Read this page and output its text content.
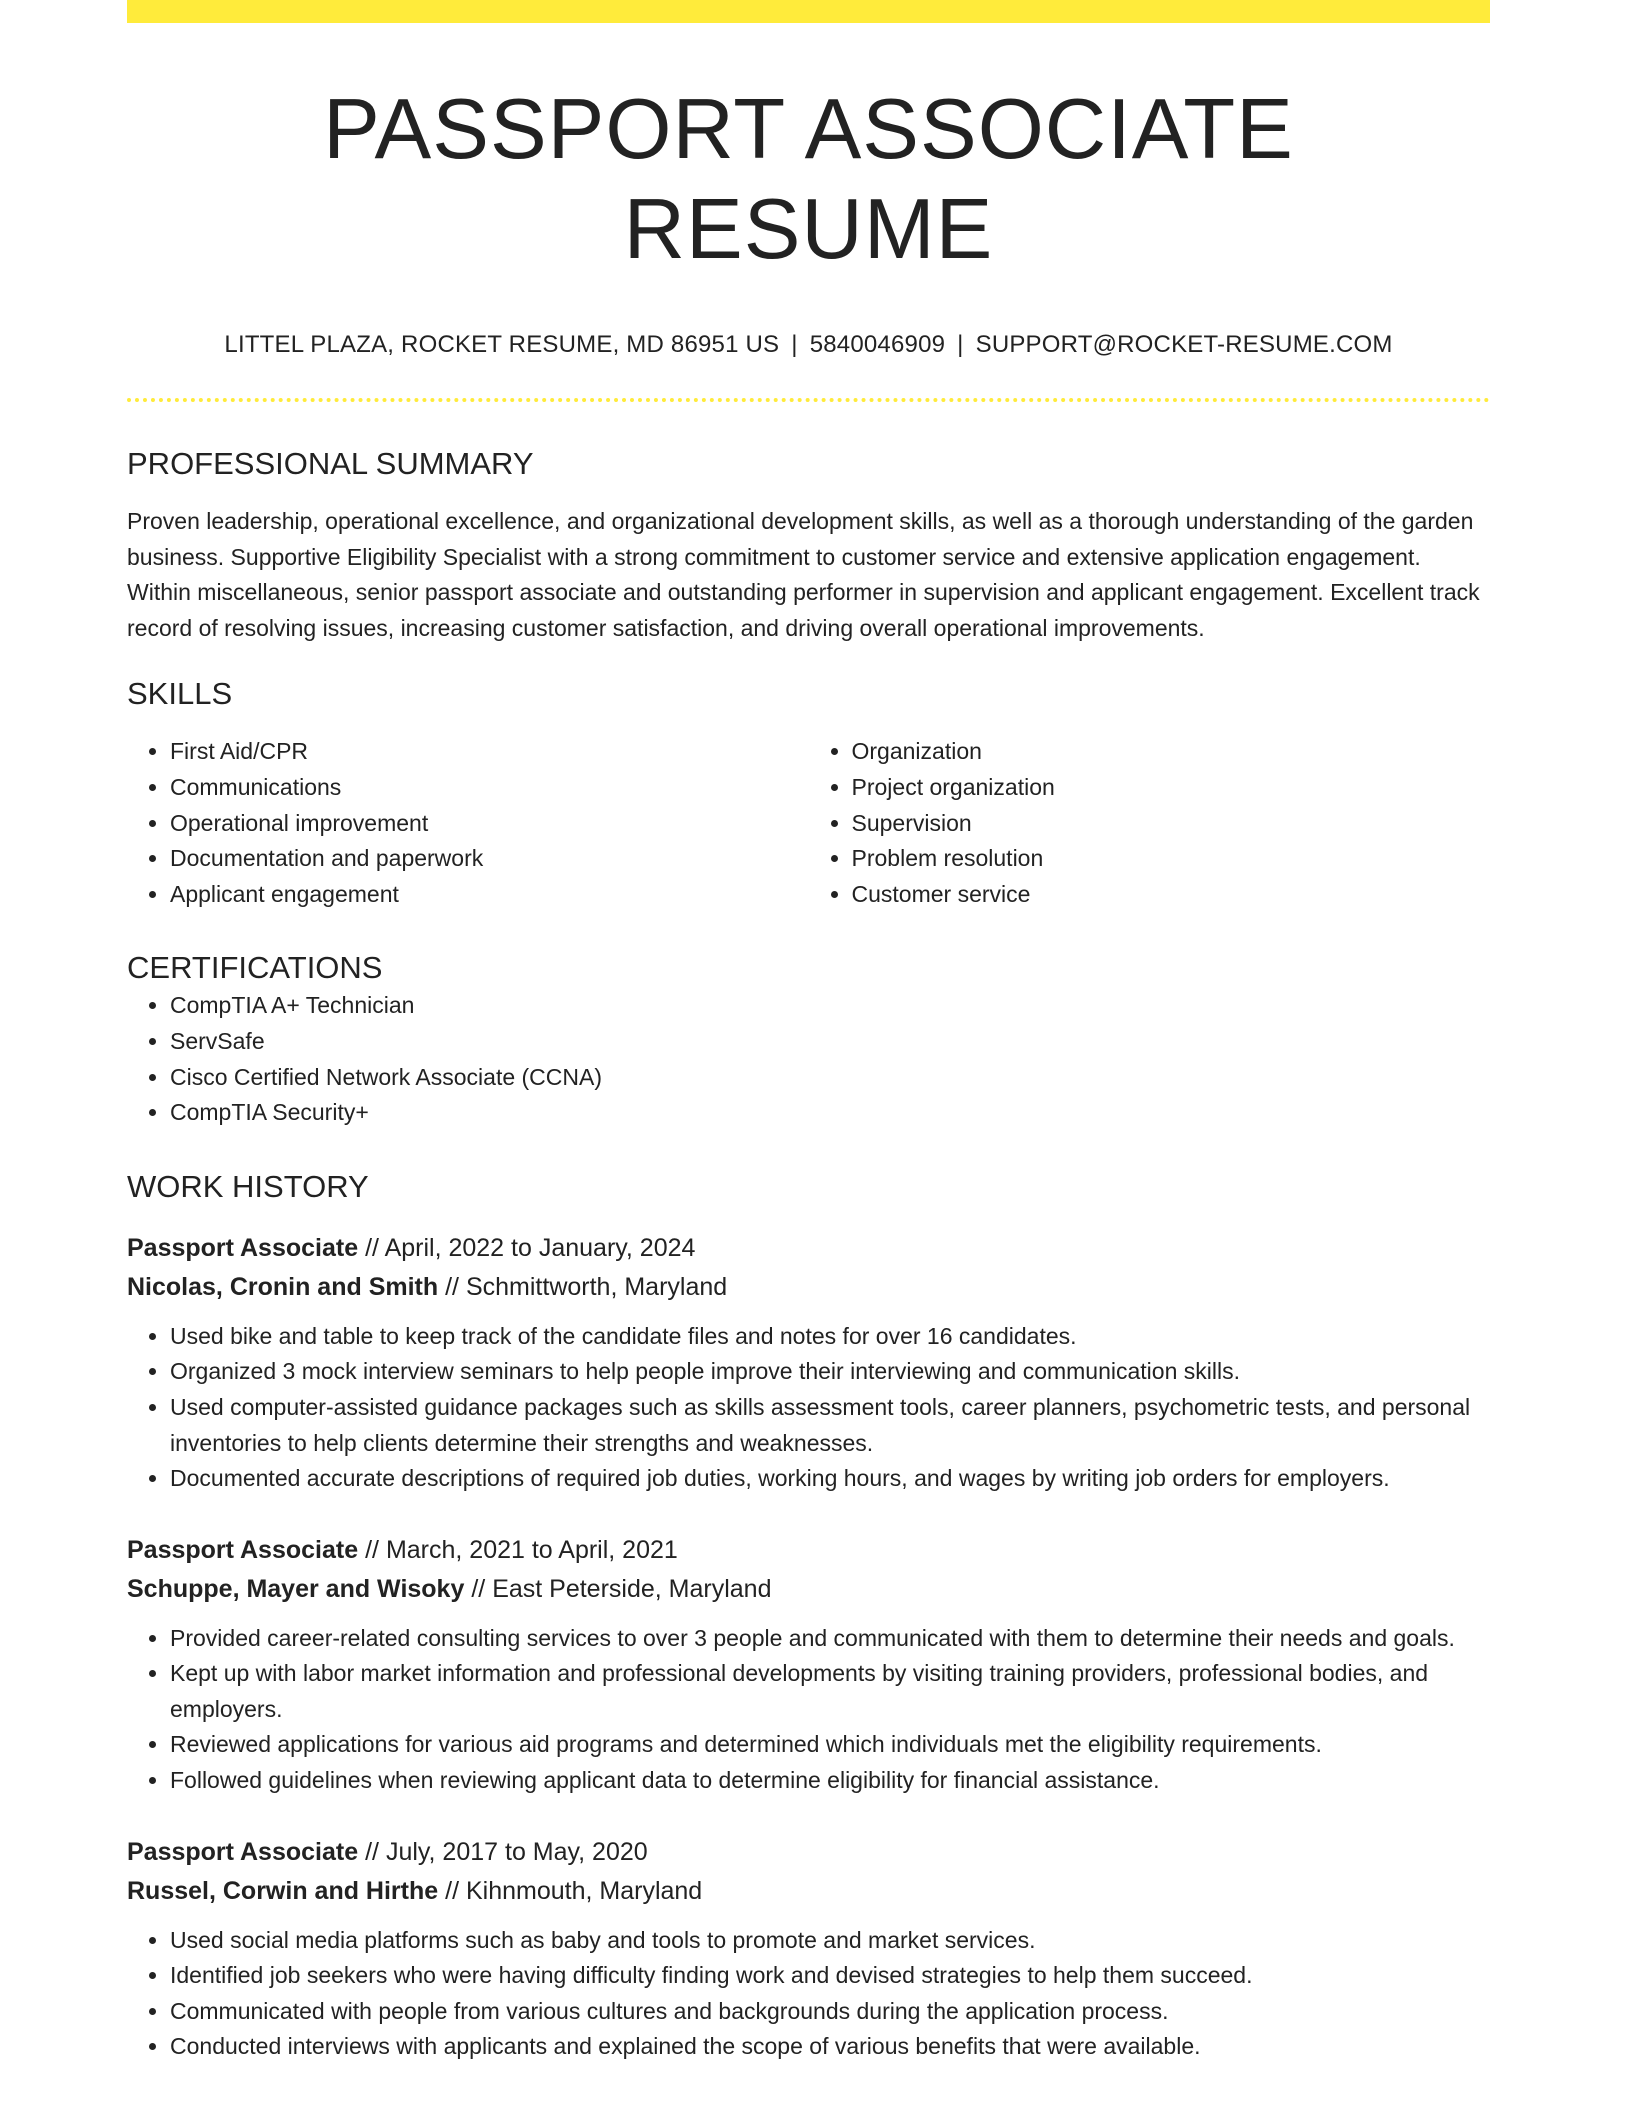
PASSPORT ASSOCIATE RESUME
LITTEL PLAZA, ROCKET RESUME, MD 86951 US | 5840046909 | SUPPORT@ROCKET-RESUME.COM
PROFESSIONAL SUMMARY
Proven leadership, operational excellence, and organizational development skills, as well as a thorough understanding of the garden business. Supportive Eligibility Specialist with a strong commitment to customer service and extensive application engagement. Within miscellaneous, senior passport associate and outstanding performer in supervision and applicant engagement. Excellent track record of resolving issues, increasing customer satisfaction, and driving overall operational improvements.
SKILLS
• First Aid/CPR
• Communications
• Operational improvement
• Documentation and paperwork
• Applicant engagement
• Organization
• Project organization
• Supervision
• Problem resolution
• Customer service
CERTIFICATIONS
• CompTIA A+ Technician
• ServSafe
• Cisco Certified Network Associate (CCNA)
• CompTIA Security+
WORK HISTORY
Passport Associate // April, 2022 to January, 2024
Nicolas, Cronin and Smith // Schmittworth, Maryland
• Used bike and table to keep track of the candidate files and notes for over 16 candidates.
• Organized 3 mock interview seminars to help people improve their interviewing and communication skills.
• Used computer-assisted guidance packages such as skills assessment tools, career planners, psychometric tests, and personal inventories to help clients determine their strengths and weaknesses.
• Documented accurate descriptions of required job duties, working hours, and wages by writing job orders for employers.
Passport Associate // March, 2021 to April, 2021
Schuppe, Mayer and Wisoky // East Peterside, Maryland
• Provided career-related consulting services to over 3 people and communicated with them to determine their needs and goals.
• Kept up with labor market information and professional developments by visiting training providers, professional bodies, and employers.
• Reviewed applications for various aid programs and determined which individuals met the eligibility requirements.
• Followed guidelines when reviewing applicant data to determine eligibility for financial assistance.
Passport Associate // July, 2017 to May, 2020
Russel, Corwin and Hirthe // Kihnmouth, Maryland
• Used social media platforms such as baby and tools to promote and market services.
• Identified job seekers who were having difficulty finding work and devised strategies to help them succeed.
• Communicated with people from various cultures and backgrounds during the application process.
• Conducted interviews with applicants and explained the scope of various benefits that were available.
